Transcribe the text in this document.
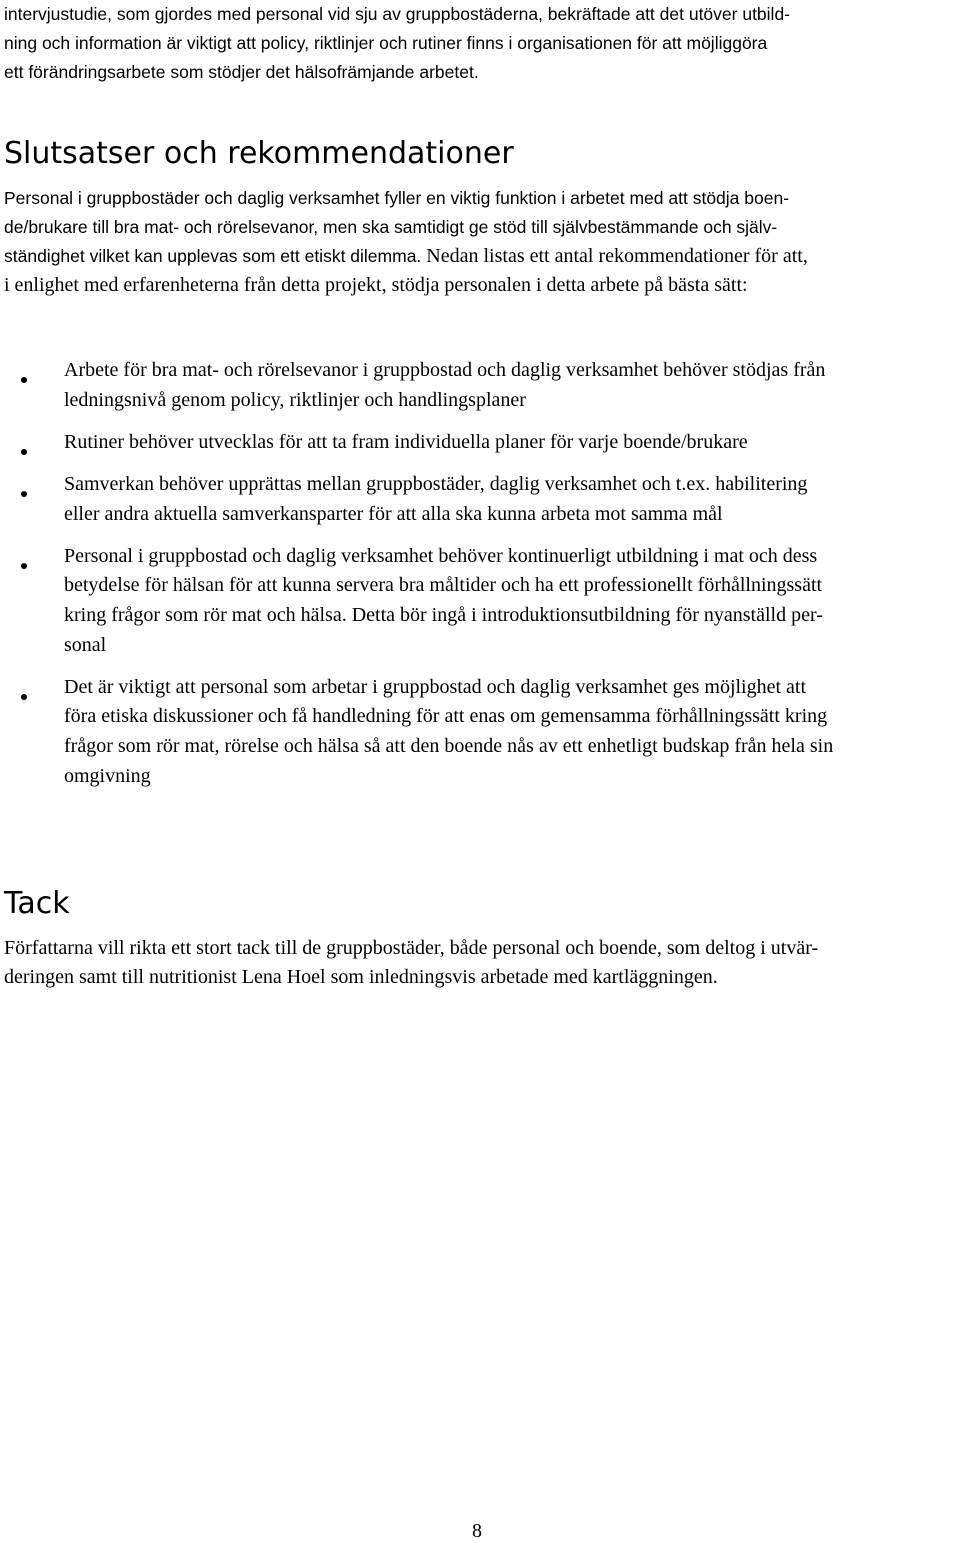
intervjustudie, som gjordes med personal vid sju av gruppbostäderna, bekräftade att det utöver utbild-

ning och information är viktigt att policy, riktlinjer och rutiner finns i organisationen för att möjliggöra

ett förändringsarbete som stödjer det hälsofrämjande arbetet.

Slutsatser och rekommendationer

Personal i gruppbostäder och daglig verksamhet fyller en viktig funktion i arbetet med att stödja boen-

de/brukare till bra mat- och rörelsevanor, men ska samtidigt ge stöd till självbestämmande och själv-

ständighet vilket kan upplevas som ett etiskt dilemma. Nedan listas ett antal rekommendationer för att,

i enlighet med erfarenheterna från detta projekt, stödja personalen i detta arbete på bästa sätt:

Arbete för bra mat- och rörelsevanor i gruppbostad och daglig verksamhet behöver stödjas från

ledningsnivå genom policy, riktlinjer och handlingsplaner

Rutiner behöver utvecklas för att ta fram individuella planer för varje boende/brukare

Samverkan behöver upprättas mellan gruppbostäder, daglig verksamhet och t.ex. habilitering

eller andra aktuella samverkansparter för att alla ska kunna arbeta mot samma mål

Personal i gruppbostad och daglig verksamhet behöver kontinuerligt utbildning i mat och dess

betydelse för hälsan för att kunna servera bra måltider och ha ett professionellt förhållningssätt

kring frågor som rör mat och hälsa. Detta bör ingå i introduktionsutbildning för nyanställd per-

sonal

Det är viktigt att personal som arbetar i gruppbostad och daglig verksamhet ges möjlighet att

föra etiska diskussioner och få handledning för att enas om gemensamma förhållningssätt kring

frågor som rör mat, rörelse och hälsa så att den boende nås av ett enhetligt budskap från hela sin

omgivning

Tack

Författarna vill rikta ett stort tack till de gruppbostäder, både personal och boende, som deltog i utvär-

deringen samt till nutritionist Lena Hoel som inledningsvis arbetade med kartläggningen.

8
